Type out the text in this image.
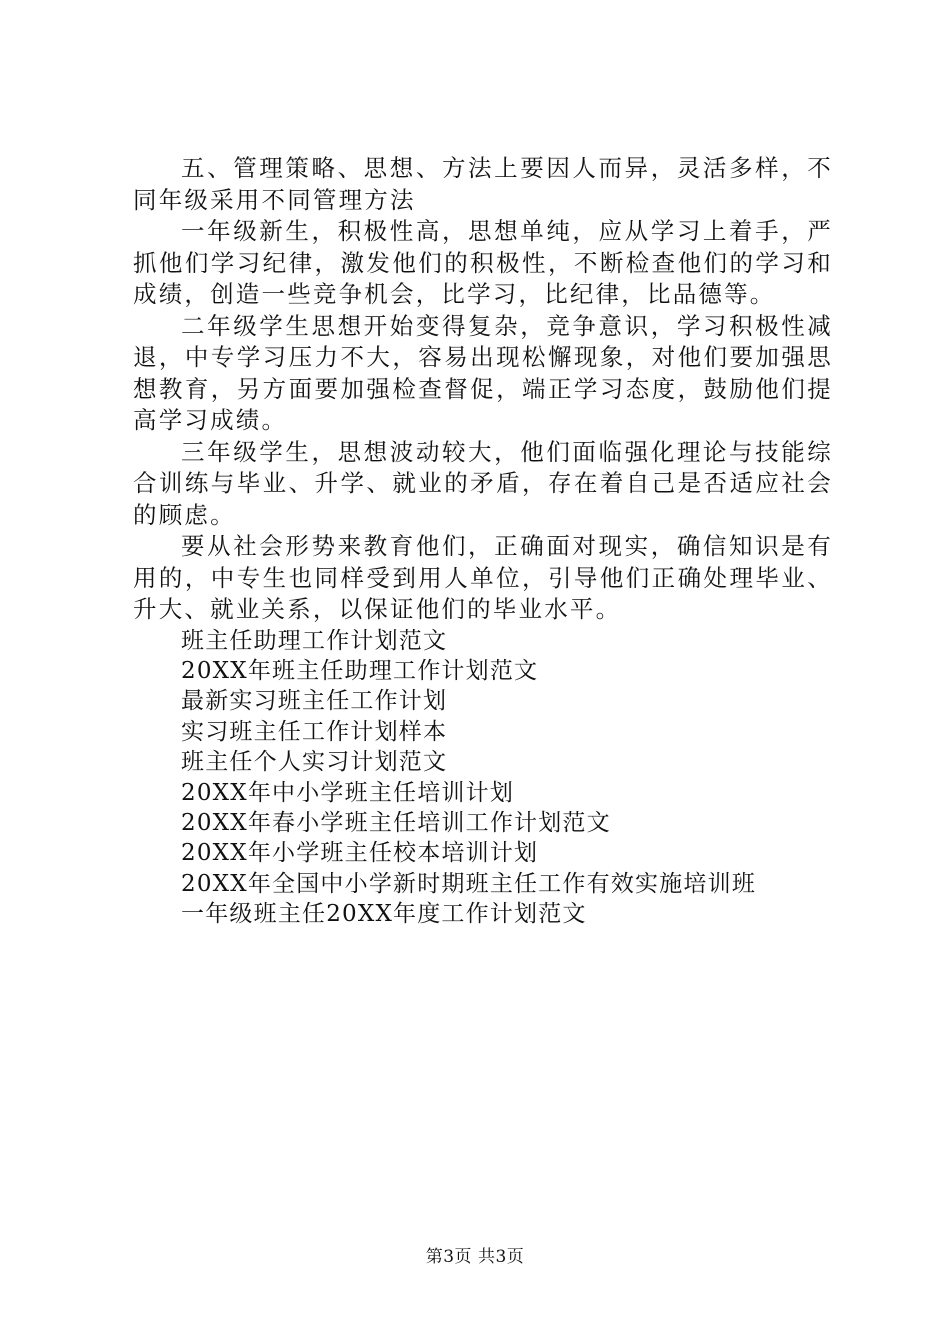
五、管理策略、思想、方法上要因人而异，灵活多样，不同年级采用不同管理方法

一年级新生，积极性高，思想单纯，应从学习上着手，严抓他们学习纪律，激发他们的积极性，不断检查他们的学习和成绩，创造一些竞争机会，比学习，比纪律，比品德等。

二年级学生思想开始变得复杂，竞争意识，学习积极性减退，中专学习压力不大，容易出现松懈现象，对他们要加强思想教育，另方面要加强检查督促，端正学习态度，鼓励他们提高学习成绩。

三年级学生，思想波动较大，他们面临强化理论与技能综合训练与毕业、升学、就业的矛盾，存在着自己是否适应社会的顾虑。

要从社会形势来教育他们，正确面对现实，确信知识是有用的，中专生也同样受到用人单位，引导他们正确处理毕业、升大、就业关系，以保证他们的毕业水平。

班主任助理工作计划范文
20XX年班主任助理工作计划范文
最新实习班主任工作计划
实习班主任工作计划样本
班主任个人实习计划范文
20XX年中小学班主任培训计划
20XX年春小学班主任培训工作计划范文
20XX年小学班主任校本培训计划
20XX年全国中小学新时期班主任工作有效实施培训班
一年级班主任20XX年度工作计划范文
第3页 共3页
